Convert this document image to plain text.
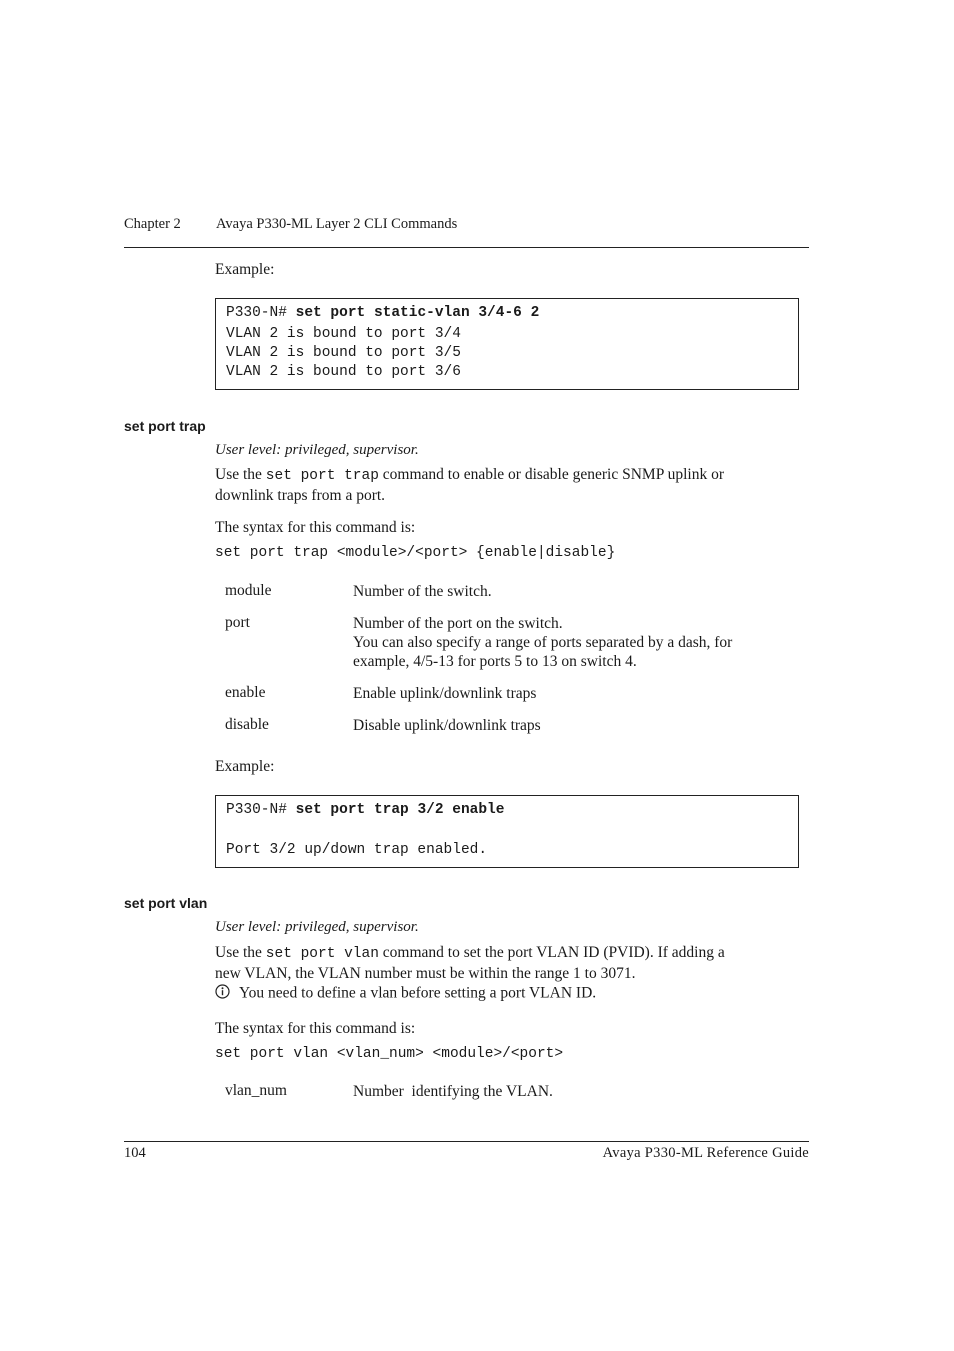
Chapter 2 Avaya P330-ML Layer 2 CLI Commands
Example:
P330-N# set port static-vlan 3/4-6 2
VLAN 2 is bound to port 3/4
VLAN 2 is bound to port 3/5
VLAN 2 is bound to port 3/6
set port trap
User level: privileged, supervisor.
Use the set port trap command to enable or disable generic SNMP uplink or
downlink traps from a port.
The syntax for this command is:
set port trap <module>/<port> {enable|disable}
module	Number of the switch.
port	Number of the port on the switch.
You can also specify a range of ports separated by a dash, for
example, 4/5-13 for ports 5 to 13 on switch 4.
enable	Enable uplink/downlink traps
disable	Disable uplink/downlink traps
Example:
P330-N# set port trap 3/2 enable
Port 3/2 up/down trap enabled.
set port vlan
User level: privileged, supervisor.
Use the set port vlan command to set the port VLAN ID (PVID). If adding a
new VLAN, the VLAN number must be within the range 1 to 3071.
You need to define a vlan before setting a port VLAN ID.
The syntax for this command is:
set port vlan <vlan_num> <module>/<port>
vlan_num	Number  identifying the VLAN.
104	Avaya P330-ML Reference Guide
